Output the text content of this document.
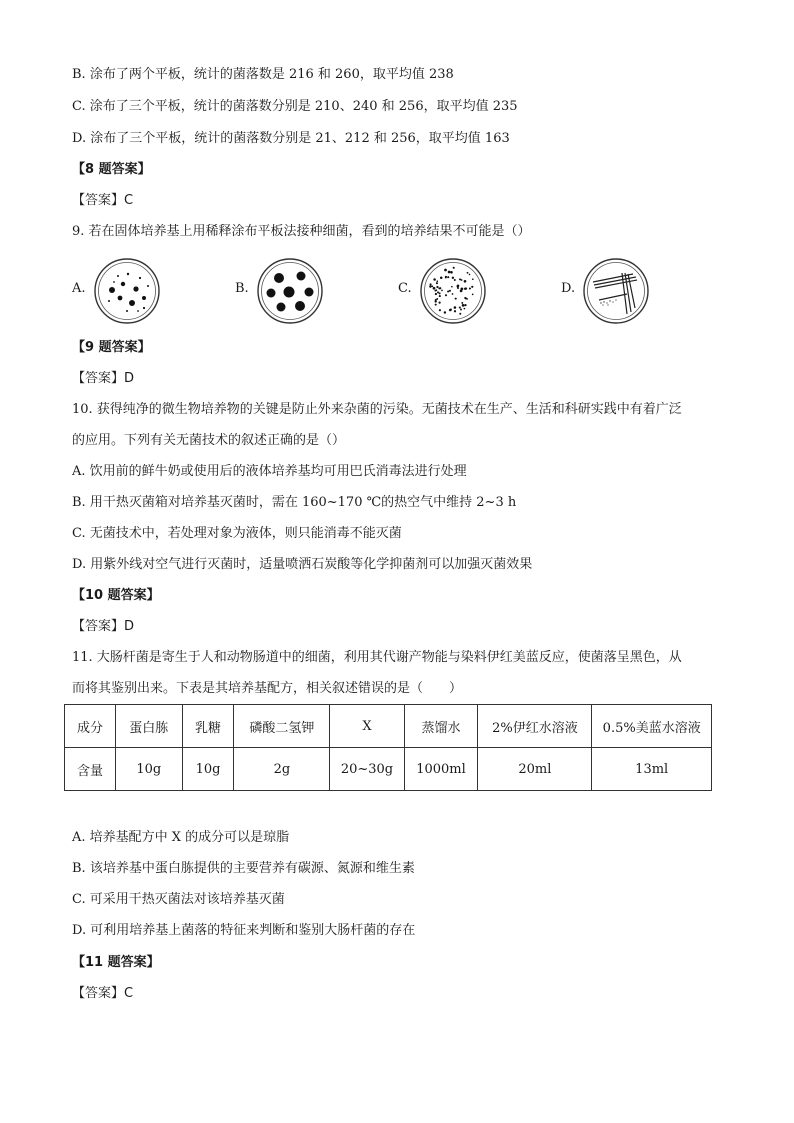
B. 涂布了两个平板，统计的菌落数是 216 和 260，取平均值 238
C. 涂布了三个平板，统计的菌落数分别是 210、240 和 256，取平均值 235
D. 涂布了三个平板，统计的菌落数分别是 21、212 和 256，取平均值 163
【8 题答案】
【答案】C
9. 若在固体培养基上用稀释涂布平板法接种细菌，看到的培养结果不可能是（）
A.	B.	C.	D.
【9 题答案】
【答案】D
10. 获得纯净的微生物培养物的关键是防止外来杂菌的污染。无菌技术在生产、生活和科研实践中有着广泛
的应用。下列有关无菌技术的叙述正确的是（）
A. 饮用前的鲜牛奶或使用后的液体培养基均可用巴氏消毒法进行处理
B. 用干热灭菌箱对培养基灭菌时，需在 160~170 ℃的热空气中维持 2~3 h
C. 无菌技术中，若处理对象为液体，则只能消毒不能灭菌
D. 用紫外线对空气进行灭菌时，适量喷洒石炭酸等化学抑菌剂可以加强灭菌效果
【10 题答案】
【答案】D
11. 大肠杆菌是寄生于人和动物肠道中的细菌，利用其代谢产物能与染料伊红美蓝反应，使菌落呈黑色，从
而将其鉴别出来。下表是其培养基配方，相关叙述错误的是（　　）
成分	蛋白胨	乳糖	磷酸二氢钾	X	蒸馏水	2%伊红水溶液	0.5%美蓝水溶液
含量	10g	10g	2g	20~30g	1000ml	20ml	13ml
A. 培养基配方中 X 的成分可以是琼脂
B. 该培养基中蛋白胨提供的主要营养有碳源、氮源和维生素
C. 可采用干热灭菌法对该培养基灭菌
D. 可利用培养基上菌落的特征来判断和鉴别大肠杆菌的存在
【11 题答案】
【答案】C
